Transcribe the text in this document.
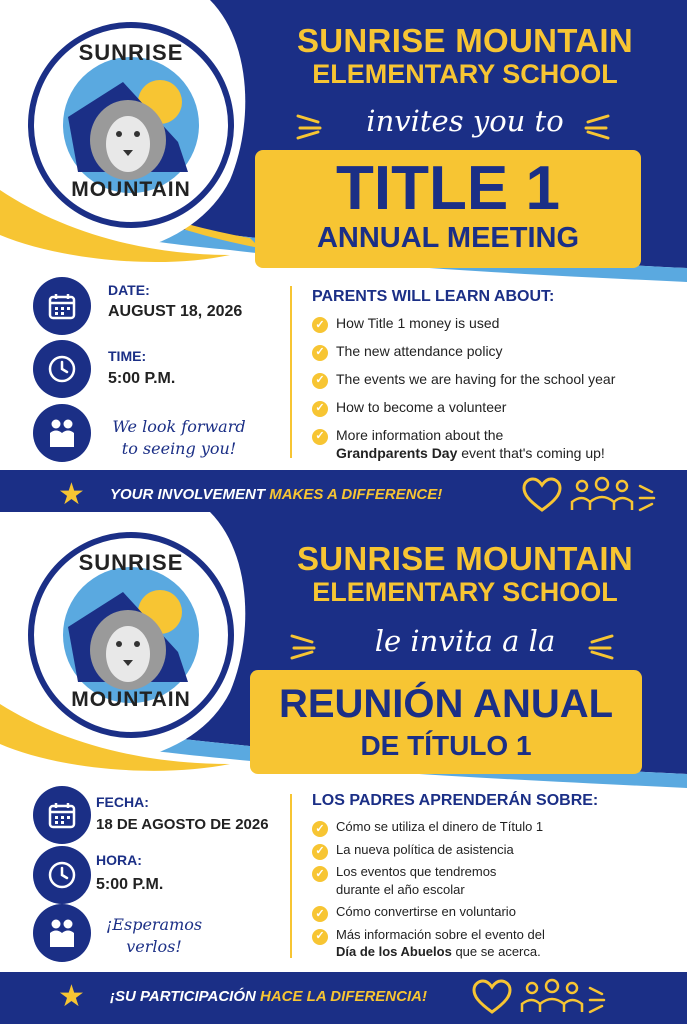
SUNRISE
MOUNTAIN
SUNRISE MOUNTAIN
ELEMENTARY SCHOOL
invites you to
TITLE 1
ANNUAL MEETING
DATE:
AUGUST 18, 2026
TIME:
5:00 P.M.
We look forward
to seeing you!
PARENTS WILL LEARN ABOUT:
✓ How Title 1 money is used
✓ The new attendance policy
✓ The events we are having for the school year
✓ How to become a volunteer
✓ More information about the
Grandparents Day event that's coming up!
★ YOUR INVOLVEMENT MAKES A DIFFERENCE!
SUNRISE
MOUNTAIN
SUNRISE MOUNTAIN
ELEMENTARY SCHOOL
le invita a la
REUNIÓN ANUAL
DE TÍTULO 1
FECHA:
18 DE AGOSTO DE 2026
HORA:
5:00 P.M.
¡Esperamos
verlos!
LOS PADRES APRENDERÁN SOBRE:
✓ Cómo se utiliza el dinero de Título 1
✓ La nueva política de asistencia
✓ Los eventos que tendremos
durante el año escolar
✓ Cómo convertirse en voluntario
✓ Más información sobre el evento del
Día de los Abuelos que se acerca.
★ ¡SU PARTICIPACIÓN HACE LA DIFERENCIA!
